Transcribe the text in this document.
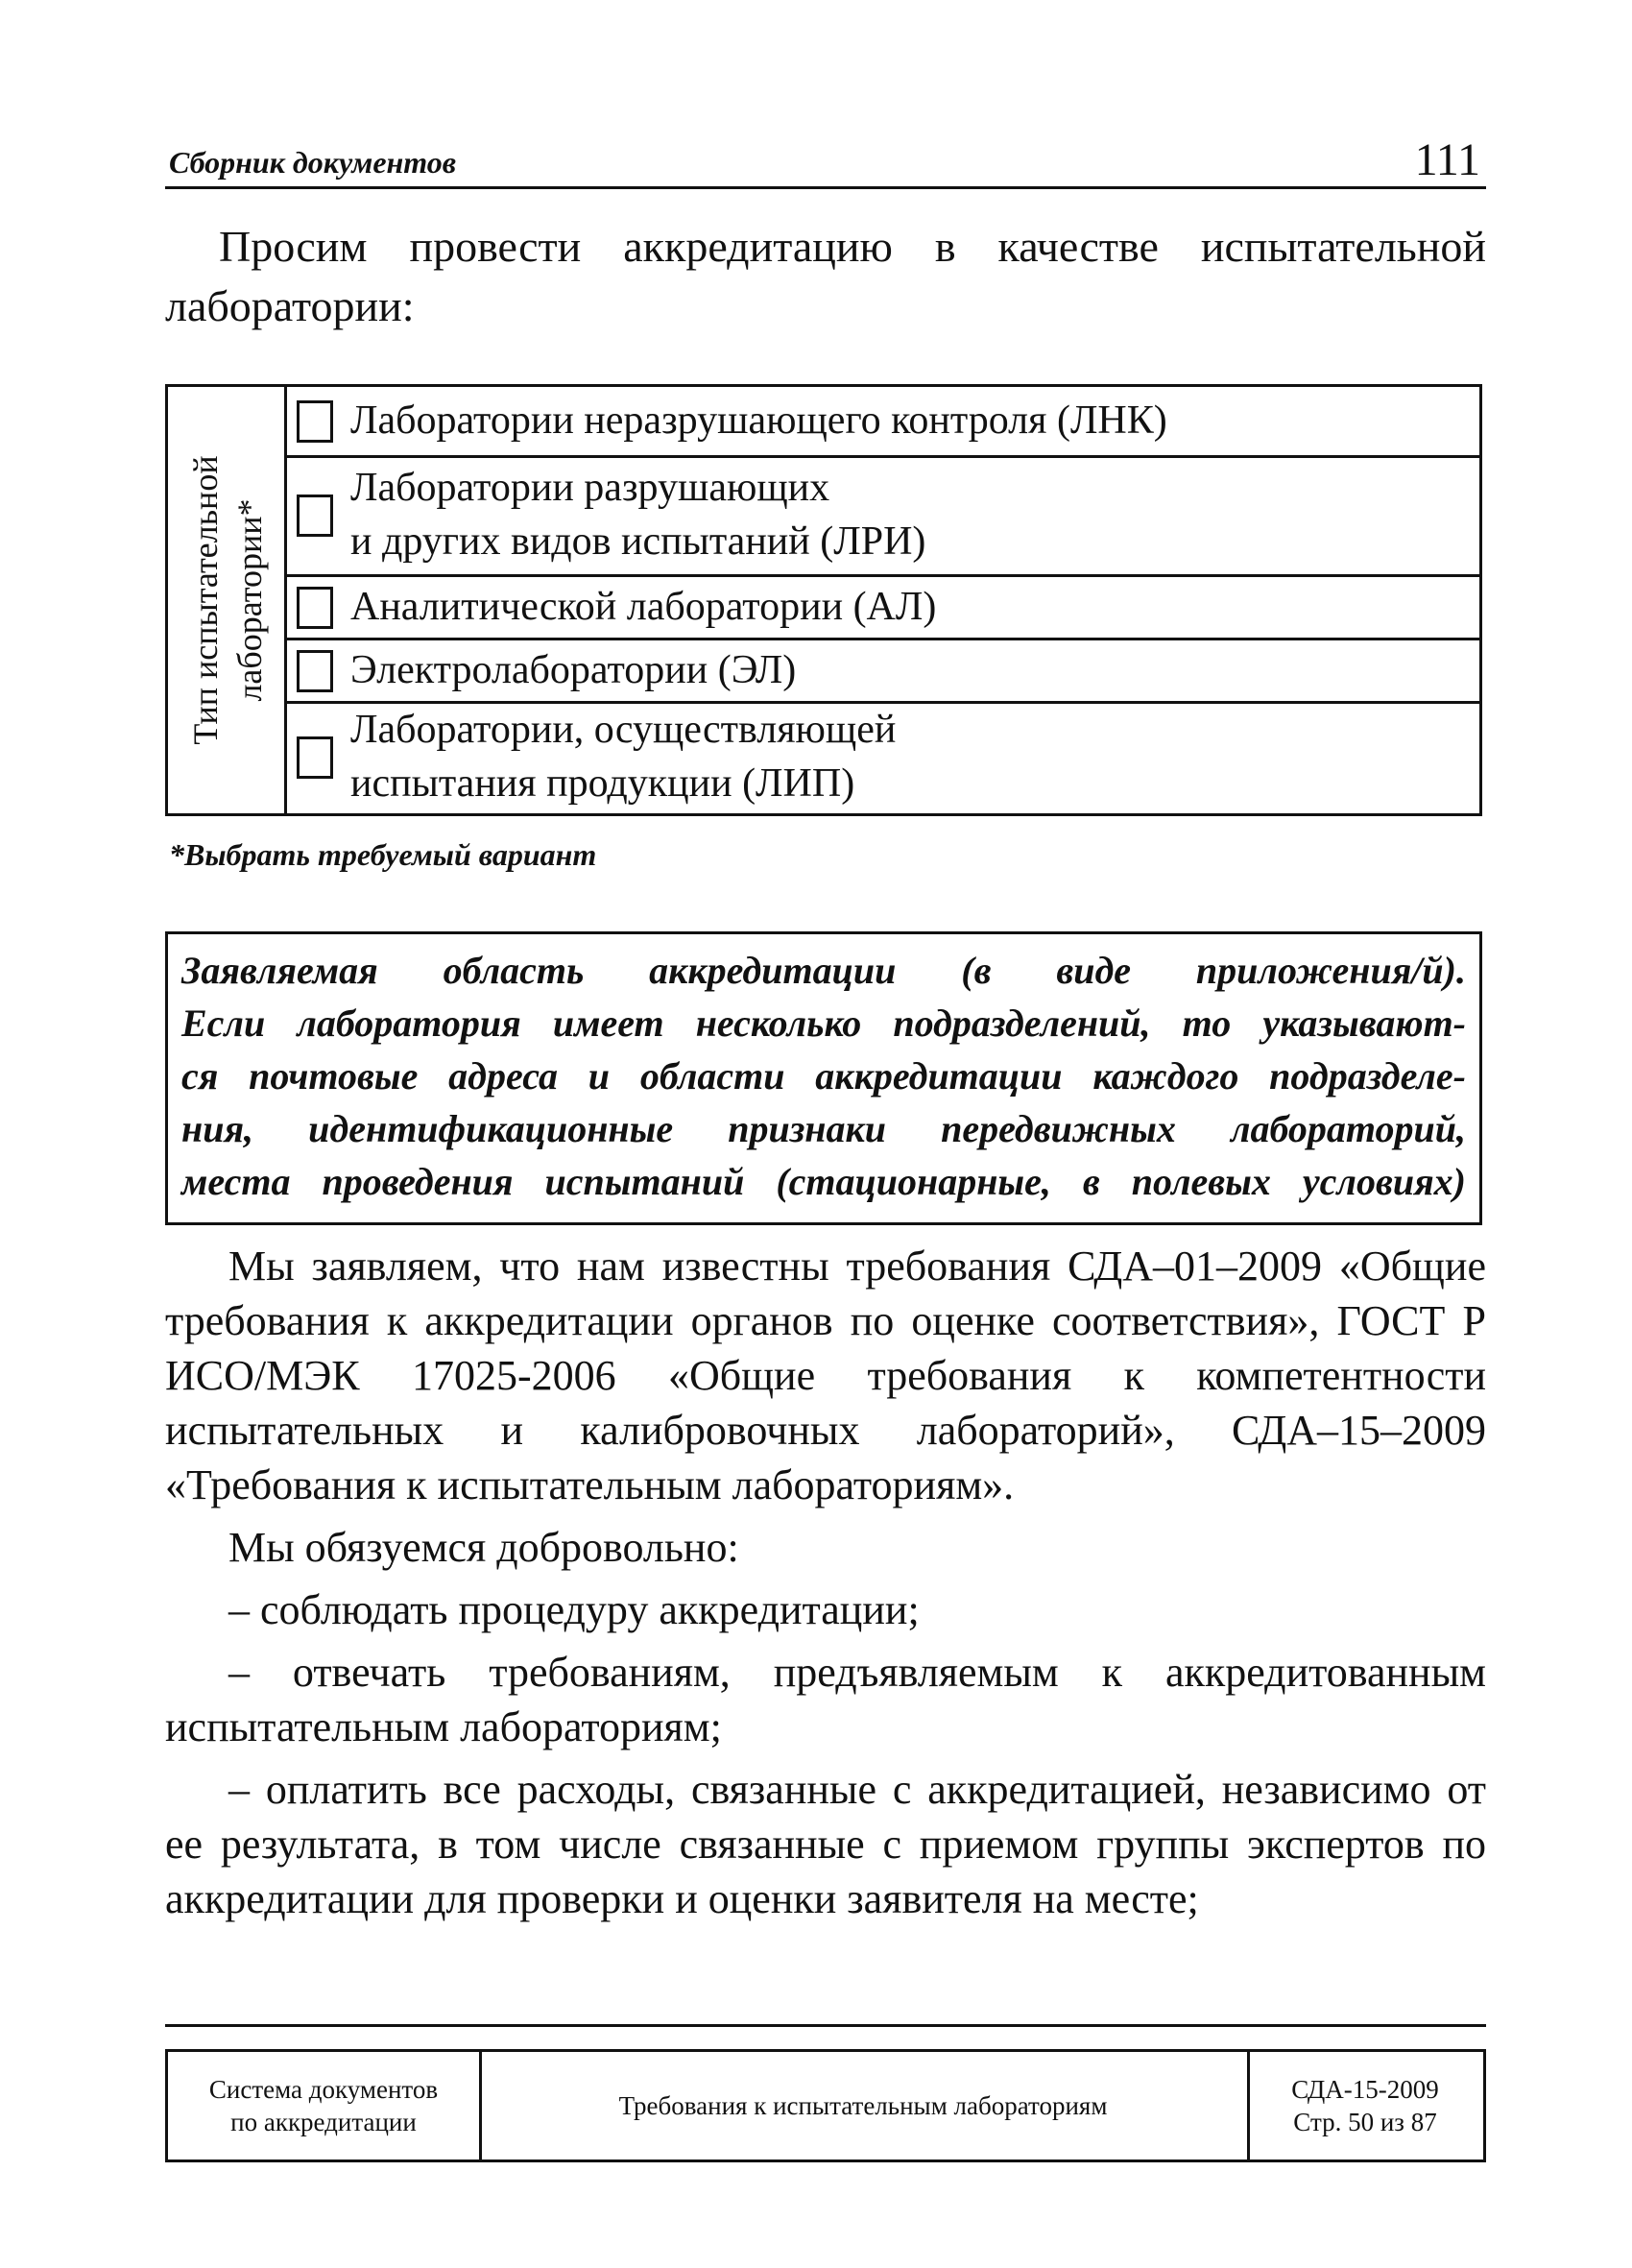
Сборник документов	111
Просим провести аккредитацию в качестве испытательной
лаборатории:
Тип испытательной лаборатории*
Лаборатории неразрушающего контроля (ЛНК)
Лаборатории разрушающих
и других видов испытаний (ЛРИ)
Аналитической лаборатории (АЛ)
Электролаборатории (ЭЛ)
Лаборатории, осуществляющей
испытания продукции (ЛИП)
*Выбрать требуемый вариант

Заявляемая область аккредитации (в виде приложения/й).

Если лаборатория имеет несколько подразделений, то указывают-

ся почтовые адреса и области аккредитации каждого подразделе-

ния, идентификационные признаки передвижных лабораторий,

места проведения испытаний (стационарные, в полевых условиях)

Мы заявляем, что нам известны требования СДА–01–2009 «Общие требования к аккредитации органов по оценке соответствия», ГОСТ Р ИСО/МЭК 17025-2006 «Общие требования к компетентности испытательных и калибровочных лабораторий», СДА–15–2009 «Требования к испытательным лабораториям».

Мы обязуемся добровольно:

– соблюдать процедуру аккредитации;

– отвечать требованиям, предъявляемым к аккредитованным испытательным лабораториям;

– оплатить все расходы, связанные с аккредитацией, независимо от ее результата, в том числе связанные с приемом группы экспертов по аккредитации для проверки и оценки заявителя на месте;

Система документов
по аккредитации
Требования к испытательным лабораториям
СДА-15-2009
Стр. 50 из 87
